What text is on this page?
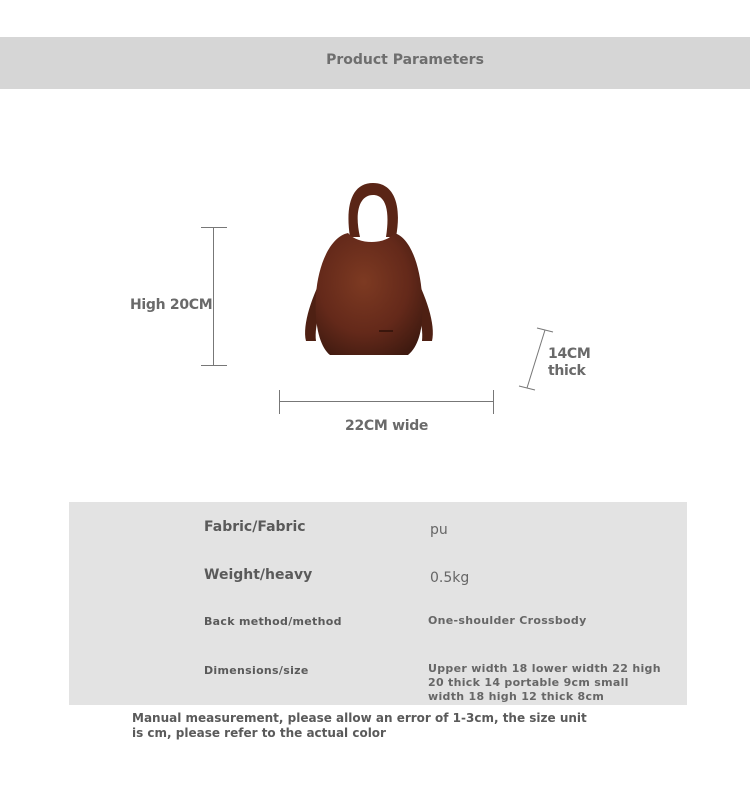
Product Parameters
High 20CM
22CM wide
14CM
thick
Fabric/Fabric	pu
Weight/heavy	0.5kg
Back method/method	One-shoulder Crossbody
Dimensions/size	Upper width 18 lower width 22 high 20 thick 14 portable 9cm small width 18 high 12 thick 8cm
Manual measurement, please allow an error of 1-3cm, the size unit is cm, please refer to the actual color
